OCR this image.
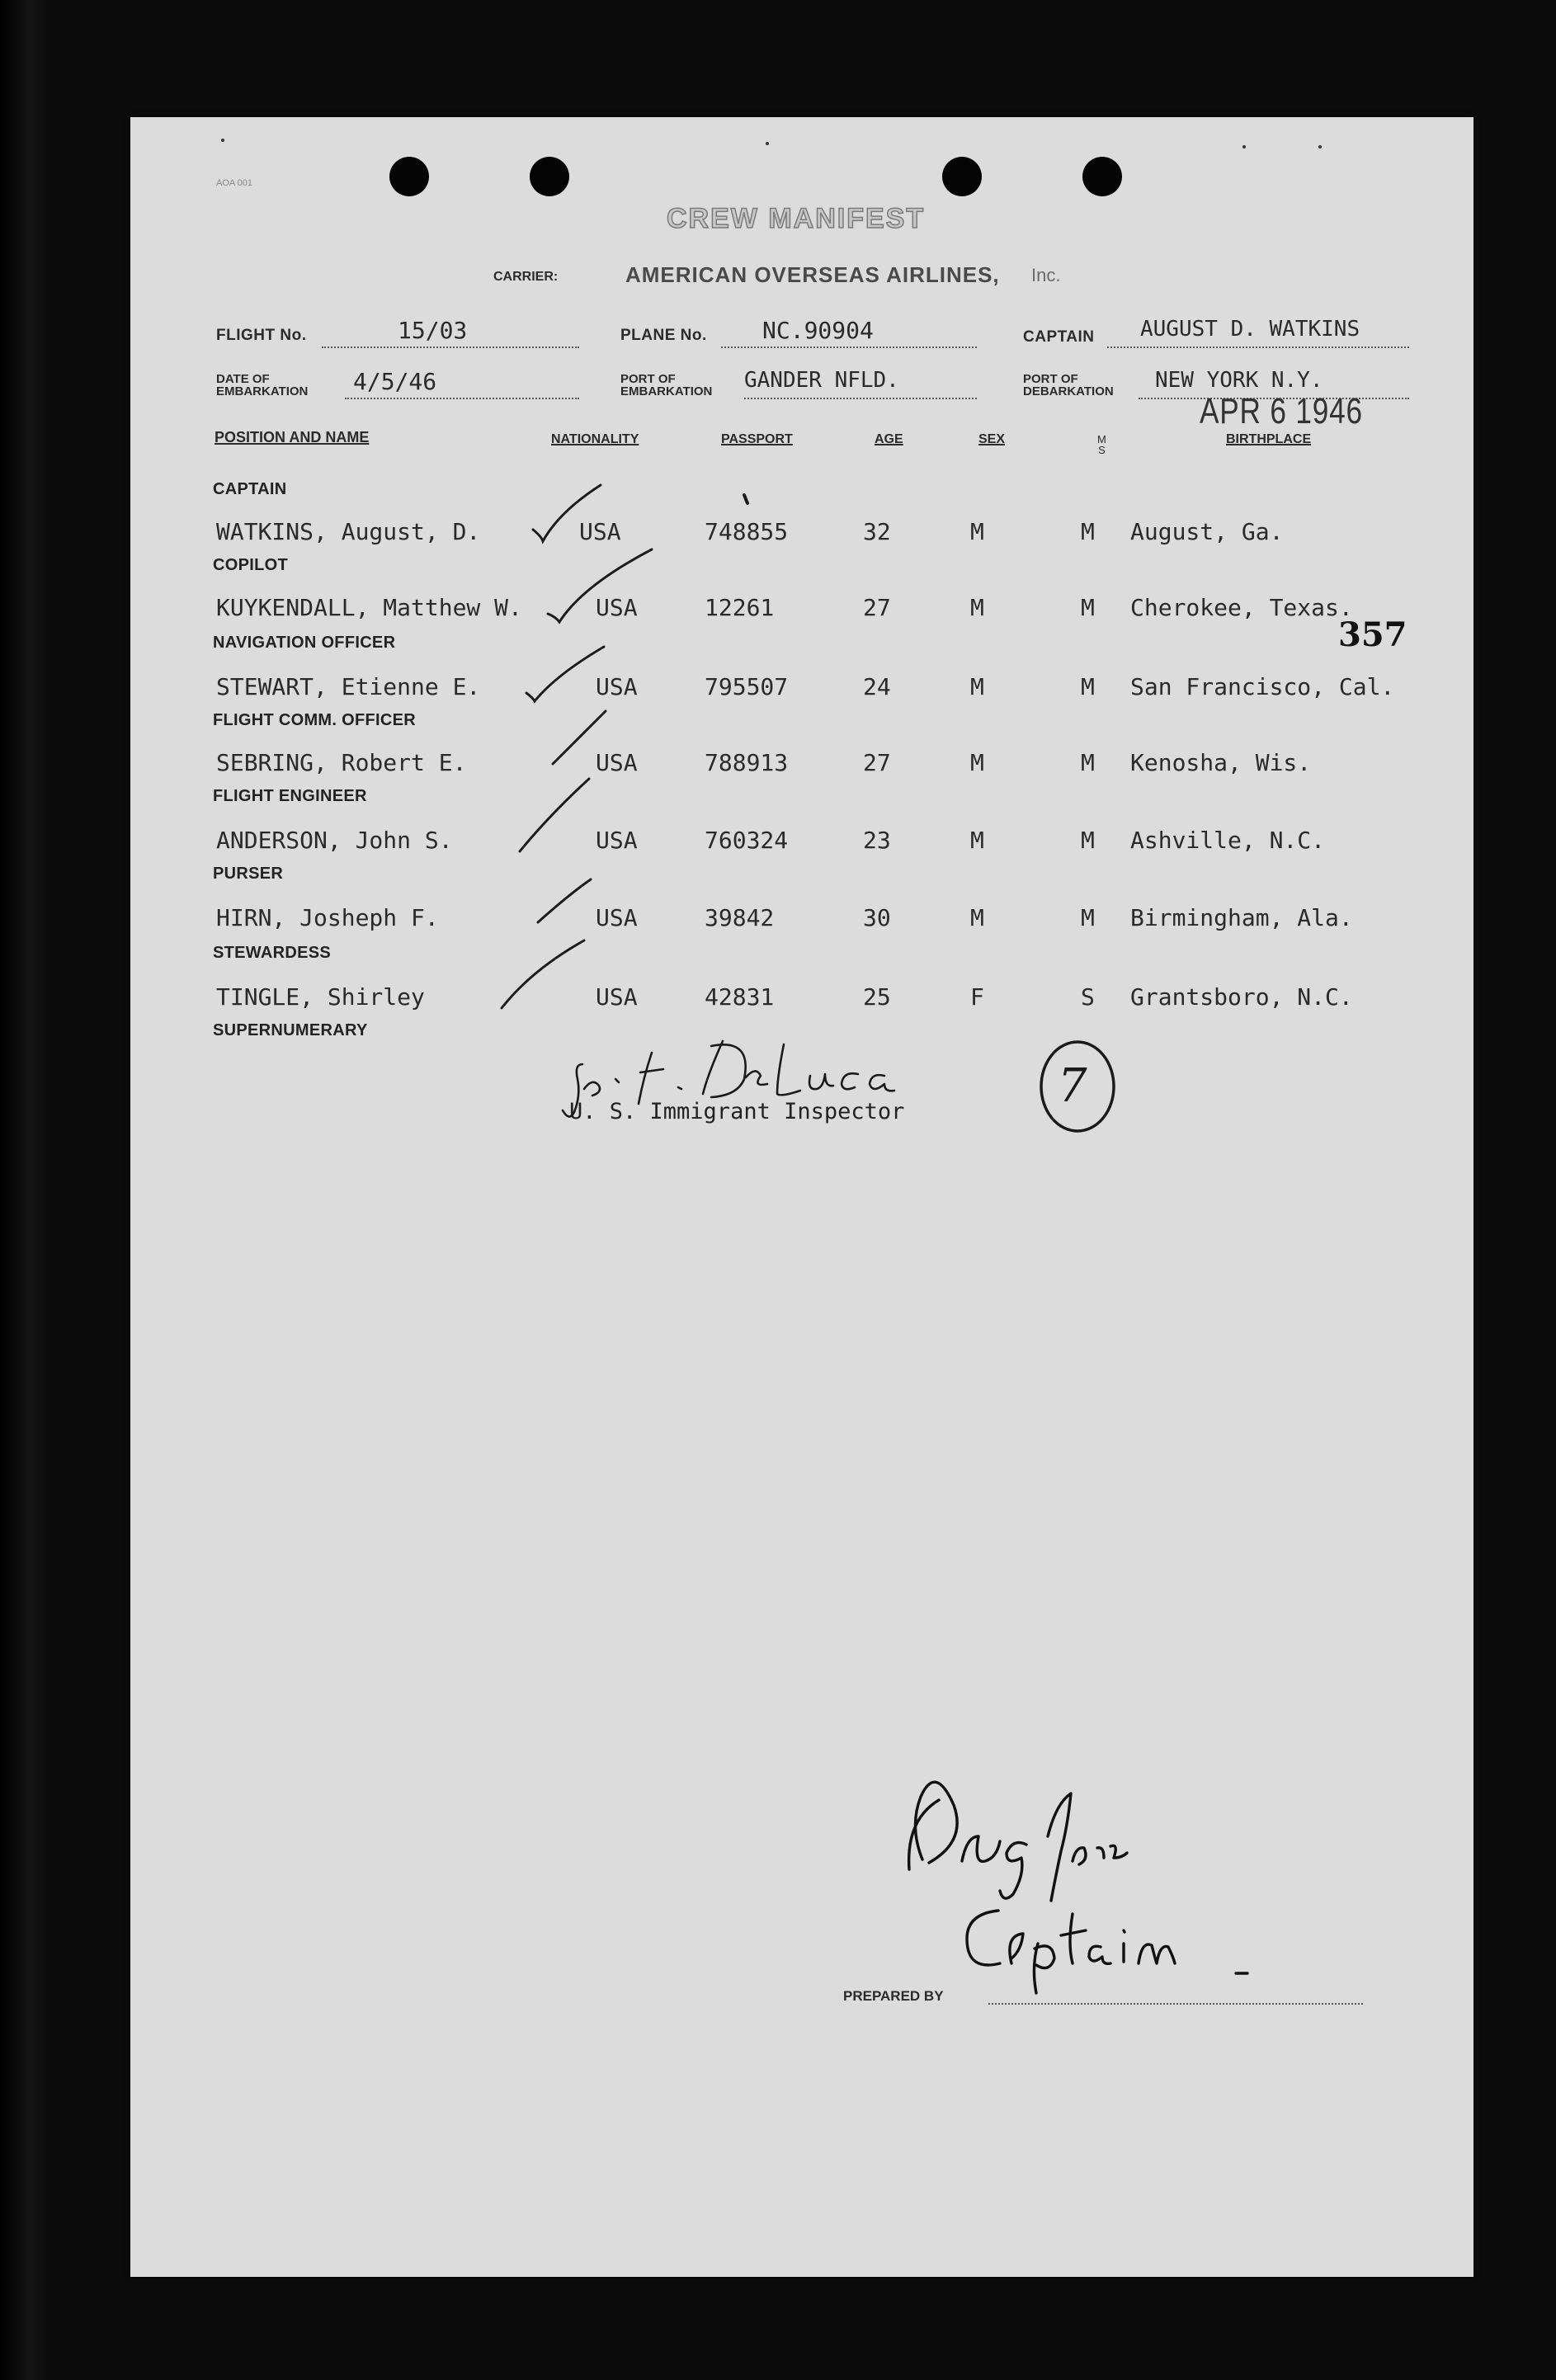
AOA 001
CREW MANIFEST
CARRIER:	AMERICAN OVERSEAS AIRLINES, Inc.
FLIGHT No.	15/03	PLANE No. NC.90904	CAPTAIN AUGUST D. WATKINS
DATE OF
EMBARKATION 4/5/46	PORT OF
EMBARKATION GANDER NFLD.	PORT OF
DEBARKATION NEW YORK N.Y.
APR 6 1946
POSITION AND NAME	NATIONALITY	PASSPORT	AGE	SEX	M
S
BIRTHPLACE
CAPTAIN
WATKINS, August, D.	USA	748855	32	M	M August, Ga.
COPILOT
KUYKENDALL, Matthew W.	USA	12261	27	M	M Cherokee, Texas.
NAVIGATION OFFICER
STEWART, Etienne E.	USA	795507	24	M	M San Francisco, Cal.
FLIGHT COMM. OFFICER
SEBRING, Robert E.	USA	788913	27	M	M Kenosha, Wis.
FLIGHT ENGINEER
ANDERSON, John S.	USA	760324	23	M	M Ashville, N.C.
PURSER
HIRN, Josheph F.	USA	39842	30	M	M Birmingham, Ala.
STEWARDESS
TINGLE, Shirley	USA	42831	25	F	S Grantsboro, N.C.
SUPERNUMERARY
357
U. S. Immigrant Inspector	7
PREPARED BY
